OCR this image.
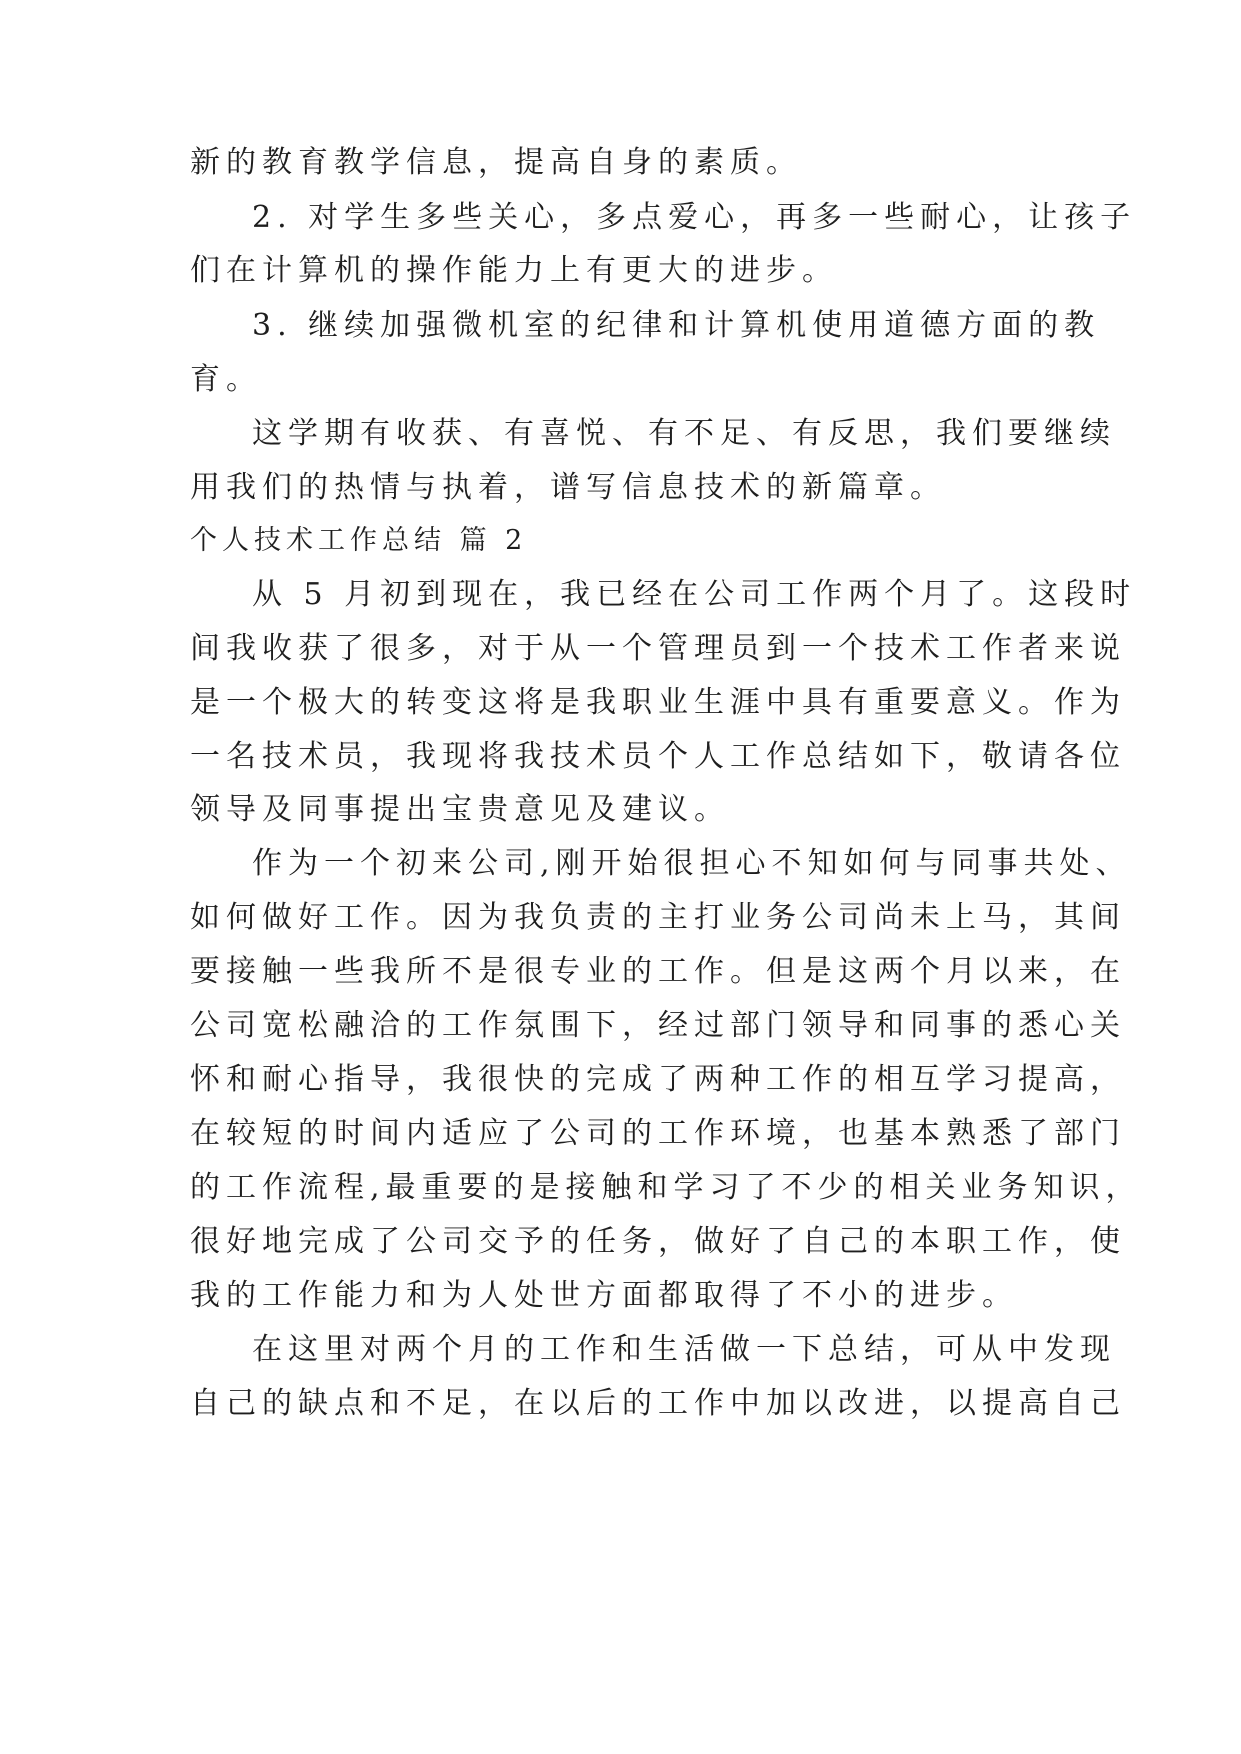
新的教育教学信息，提高自身的素质。
2. 对学生多些关心，多点爱心，再多一些耐心，让孩子
们在计算机的操作能力上有更大的进步。
3. 继续加强微机室的纪律和计算机使用道德方面的教
育。
这学期有收获、有喜悦、有不足、有反思，我们要继续
用我们的热情与执着，谱写信息技术的新篇章。
个人技术工作总结 篇 2
从 5 月初到现在，我已经在公司工作两个月了。这段时
间我收获了很多，对于从一个管理员到一个技术工作者来说
是一个极大的转变这将是我职业生涯中具有重要意义。作为
一名技术员，我现将我技术员个人工作总结如下，敬请各位
领导及同事提出宝贵意见及建议。
作为一个初来公司,刚开始很担心不知如何与同事共处、
如何做好工作。因为我负责的主打业务公司尚未上马，其间
要接触一些我所不是很专业的工作。但是这两个月以来，在
公司宽松融洽的工作氛围下，经过部门领导和同事的悉心关
怀和耐心指导，我很快的完成了两种工作的相互学习提高，
在较短的时间内适应了公司的工作环境，也基本熟悉了部门
的工作流程,最重要的是接触和学习了不少的相关业务知识，
很好地完成了公司交予的任务，做好了自己的本职工作，使
我的工作能力和为人处世方面都取得了不小的进步。
在这里对两个月的工作和生活做一下总结，可从中发现
自己的缺点和不足，在以后的工作中加以改进，以提高自己
